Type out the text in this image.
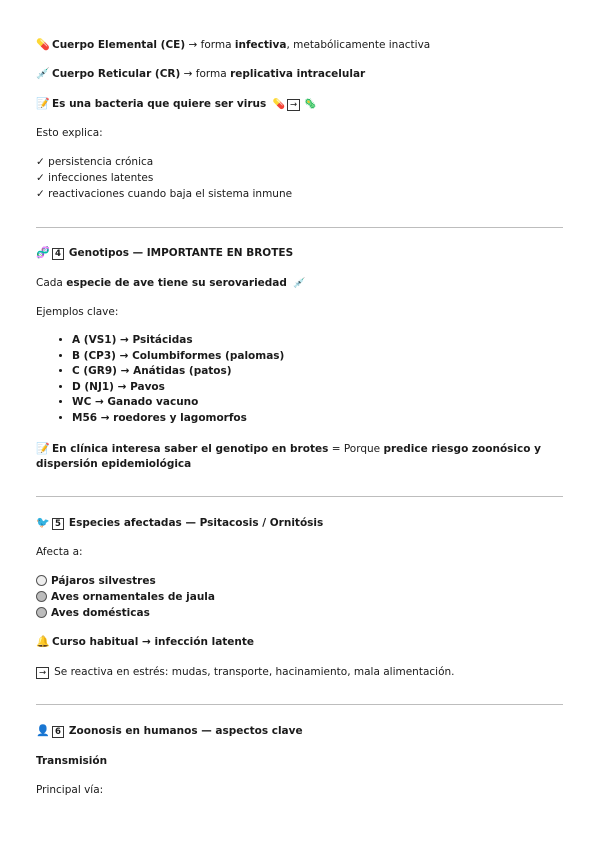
💊 Cuerpo Elemental (CE) → forma infectiva, metabólicamente inactiva
💉 Cuerpo Reticular (CR) → forma replicativa intracelular
📝 Es una bacteria que quiere ser virus 💊 → 🦠
Esto explica:
✓ persistencia crónica
✓ infecciones latentes
✓ reactivaciones cuando baja el sistema inmune
🧬 4 Genotipos — IMPORTANTE EN BROTES
Cada especie de ave tiene su serovariedad 💉
Ejemplos clave:
• A (VS1) → Psitácidas
• B (CP3) → Columbiformes (palomas)
• C (GR9) → Anátidas (patos)
• D (NJ1) → Pavos
• WC → Ganado vacuno
• M56 → roedores y lagomorfos
📝 En clínica interesa saber el genotipo en brotes = Porque predice riesgo zoonósico y dispersión epidemiológica
🐦 5 Especies afectadas — Psitacosis / Ornitósis
Afecta a:
Pájaros silvestres
Aves ornamentales de jaula
Aves domésticas
🔔 Curso habitual → infección latente
→ Se reactiva en estrés: mudas, transporte, hacinamiento, mala alimentación.
👤 6 Zoonosis en humanos — aspectos clave
Transmisión
Principal vía:
